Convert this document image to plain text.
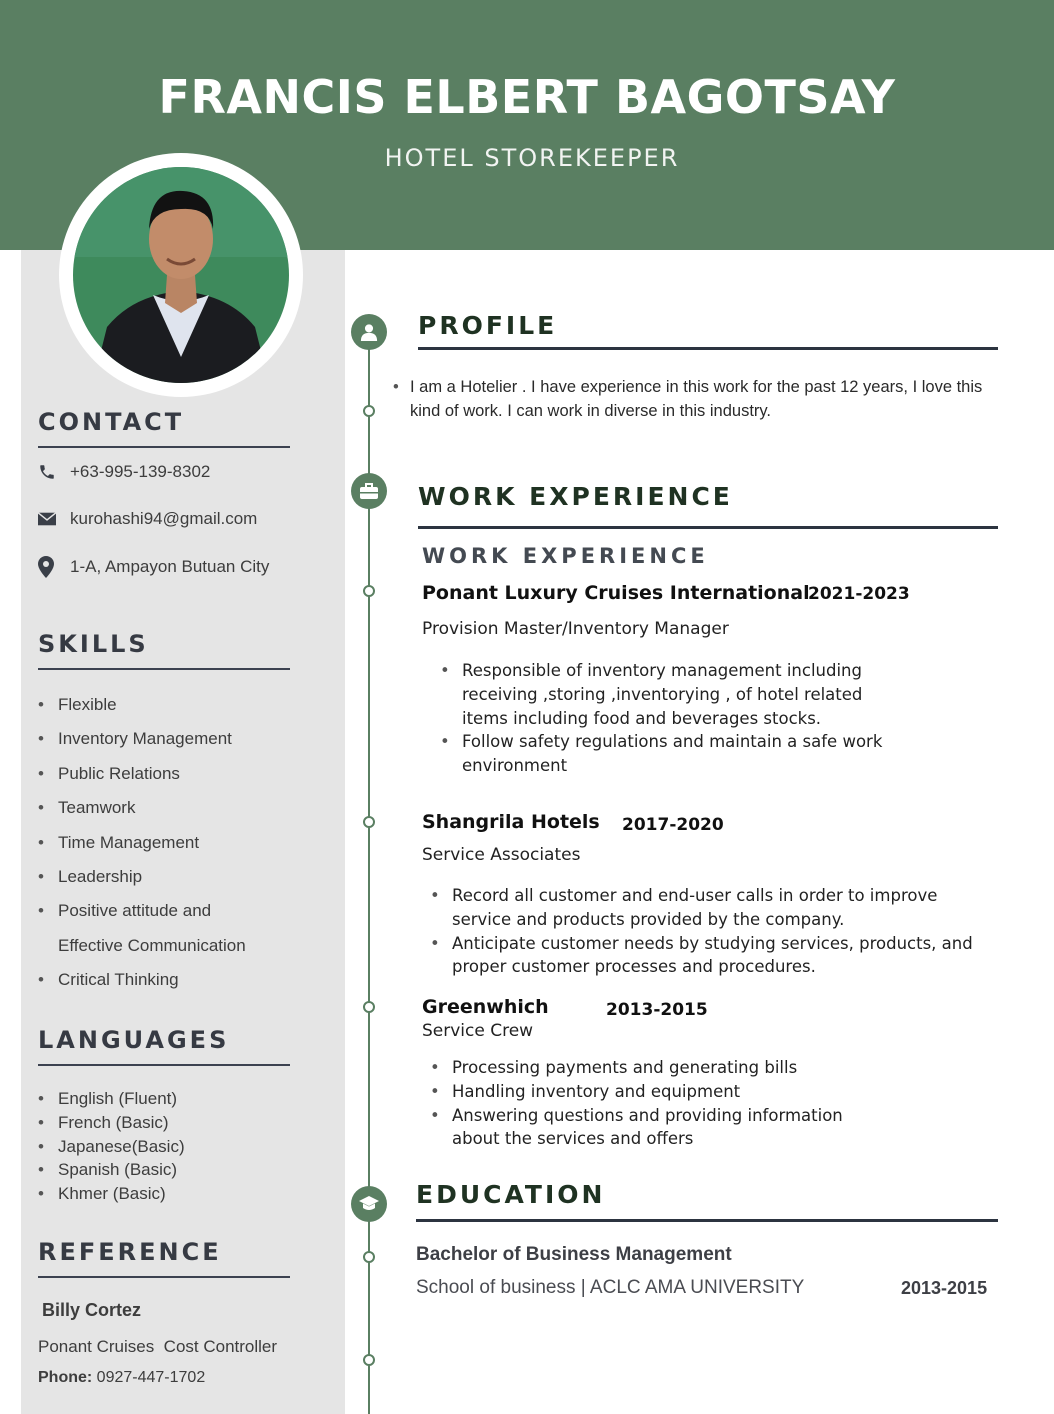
FRANCIS ELBERT BAGOTSAY
HOTEL STOREKEEPER
CONTACT
+63-995-139-8302
kurohashi94@gmail.com
1-A, Ampayon Butuan City
SKILLS
• Flexible
• Inventory Management
• Public Relations
• Teamwork
• Time Management
• Leadership
• Positive attitude and
Effective Communication
• Critical Thinking
LANGUAGES
• English (Fluent)
• French (Basic)
• Japanese(Basic)
• Spanish (Basic)
• Khmer (Basic)
REFERENCE
Billy Cortez
Ponant Cruises  Cost Controller
Phone: 0927-447-1702
PROFILE
• I am a Hotelier . I have experience in this work for the past 12 years, I love this kind of work. I can work in diverse in this industry.
WORK EXPERIENCE
WORK EXPERIENCE
Ponant Luxury Cruises International
2021-2023
Provision Master/Inventory Manager
• Responsible of inventory management including receiving ,storing ,inventorying , of hotel related items including food and beverages stocks.
• Follow safety regulations and maintain a safe work environment
Shangrila Hotels 2017-2020
Service Associates
• Record all customer and end-user calls in order to improve service and products provided by the company.
• Anticipate customer needs by studying services, products, and proper customer processes and procedures.
Greenwhich	2013-2015
Service Crew
• Processing payments and generating bills
• Handling inventory and equipment
• Answering questions and providing information about the services and offers
EDUCATION
Bachelor of Business Management
School of business | ACLC AMA UNIVERSITY	2013-2015
